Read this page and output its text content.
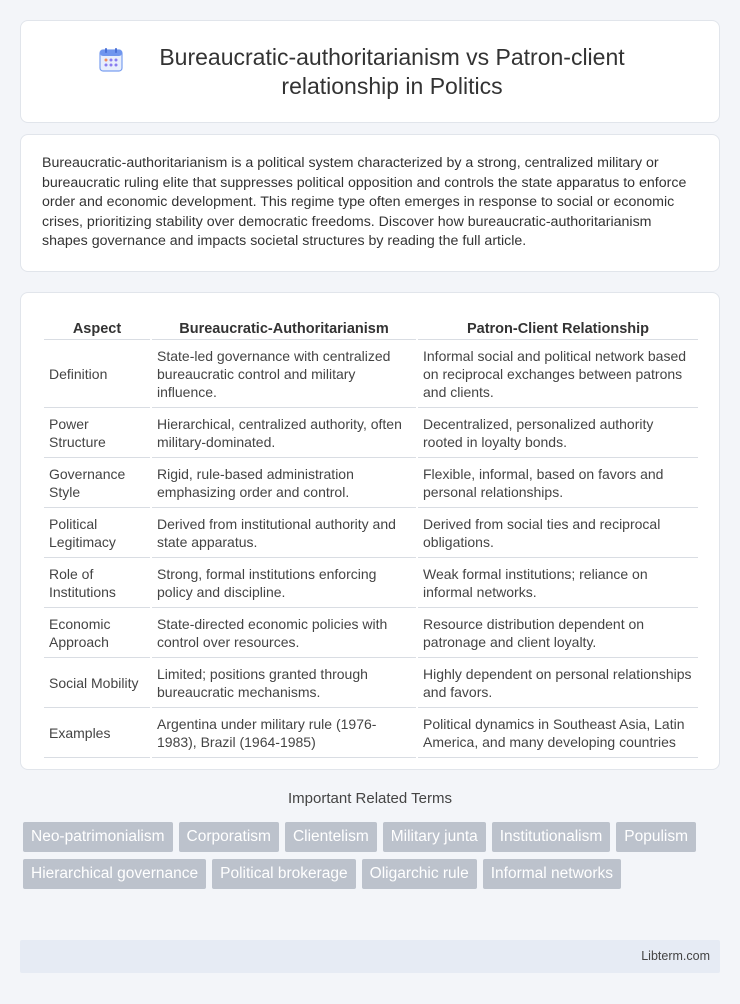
Bureaucratic-authoritarianism vs Patron-client relationship in Politics

Bureaucratic-authoritarianism is a political system characterized by a strong, centralized military or bureaucratic ruling elite that suppresses political opposition and controls the state apparatus to enforce order and economic development. This regime type often emerges in response to social or economic crises, prioritizing stability over democratic freedoms. Discover how bureaucratic-authoritarianism shapes governance and impacts societal structures by reading the full article.

Aspect	Bureaucratic-Authoritarianism	Patron-Client Relationship
Definition	State-led governance with centralized bureaucratic control and military influence.	Informal social and political network based on reciprocal exchanges between patrons and clients.
Power Structure	Hierarchical, centralized authority, often military-dominated.	Decentralized, personalized authority rooted in loyalty bonds.
Governance Style	Rigid, rule-based administration emphasizing order and control.	Flexible, informal, based on favors and personal relationships.
Political Legitimacy	Derived from institutional authority and state apparatus.	Derived from social ties and reciprocal obligations.
Role of Institutions	Strong, formal institutions enforcing policy and discipline.	Weak formal institutions; reliance on informal networks.
Economic Approach	State-directed economic policies with control over resources.	Resource distribution dependent on patronage and client loyalty.
Social Mobility	Limited; positions granted through bureaucratic mechanisms.	Highly dependent on personal relationships and favors.
Examples	Argentina under military rule (1976-1983), Brazil (1964-1985)	Political dynamics in Southeast Asia, Latin America, and many developing countries
Important Related Terms
Neo-patrimonialism	Corporatism	Clientelism	Military junta	Institutionalism	Populism
Hierarchical governance	Political brokerage	Oligarchic rule	Informal networks
Libterm.com
